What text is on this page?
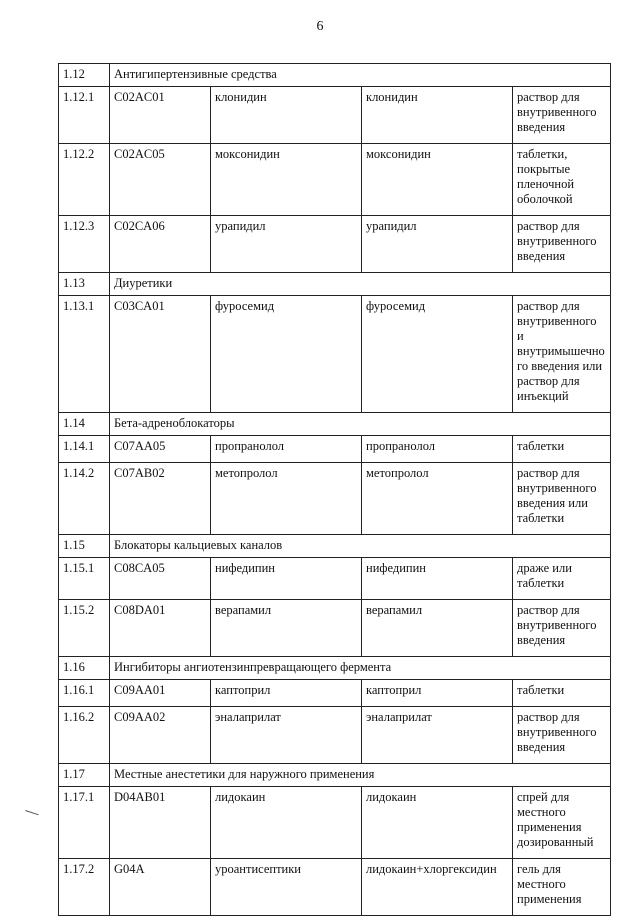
6
1.12	Антигипертензивные средства			
1.12.1	C02AC01	клонидин	клонидин	раствор для внутривенного введения
1.12.2	C02AC05	моксонидин	моксонидин	таблетки, покрытые пленочной оболочкой
1.12.3	C02CA06	урапидил	урапидил	раствор для внутривенного введения
1.13	Диуретики			
1.13.1	C03CA01	фуросемид	фуросемид	раствор для внутривенного и внутримышечного введения или раствор для инъекций
1.14	Бета-адреноблокаторы			
1.14.1	C07AA05	пропранолол	пропранолол	таблетки
1.14.2	C07AB02	метопролол	метопролол	раствор для внутривенного введения или таблетки
1.15	Блокаторы кальциевых каналов			
1.15.1	C08CA05	нифедипин	нифедипин	драже или таблетки
1.15.2	C08DA01	верапамил	верапамил	раствор для внутривенного введения
1.16	Ингибиторы ангиотензинпревращающего фермента			
1.16.1	C09AA01	каптоприл	каптоприл	таблетки
1.16.2	C09AA02	эналаприлат	эналаприлат	раствор для внутривенного введения
1.17	Местные анестетики для наружного применения			
1.17.1	D04AB01	лидокаин	лидокаин	спрей для местного применения дозированный
1.17.2	G04A	уроантисептики	лидокаин+хлоргексидин	гель для местного применения
